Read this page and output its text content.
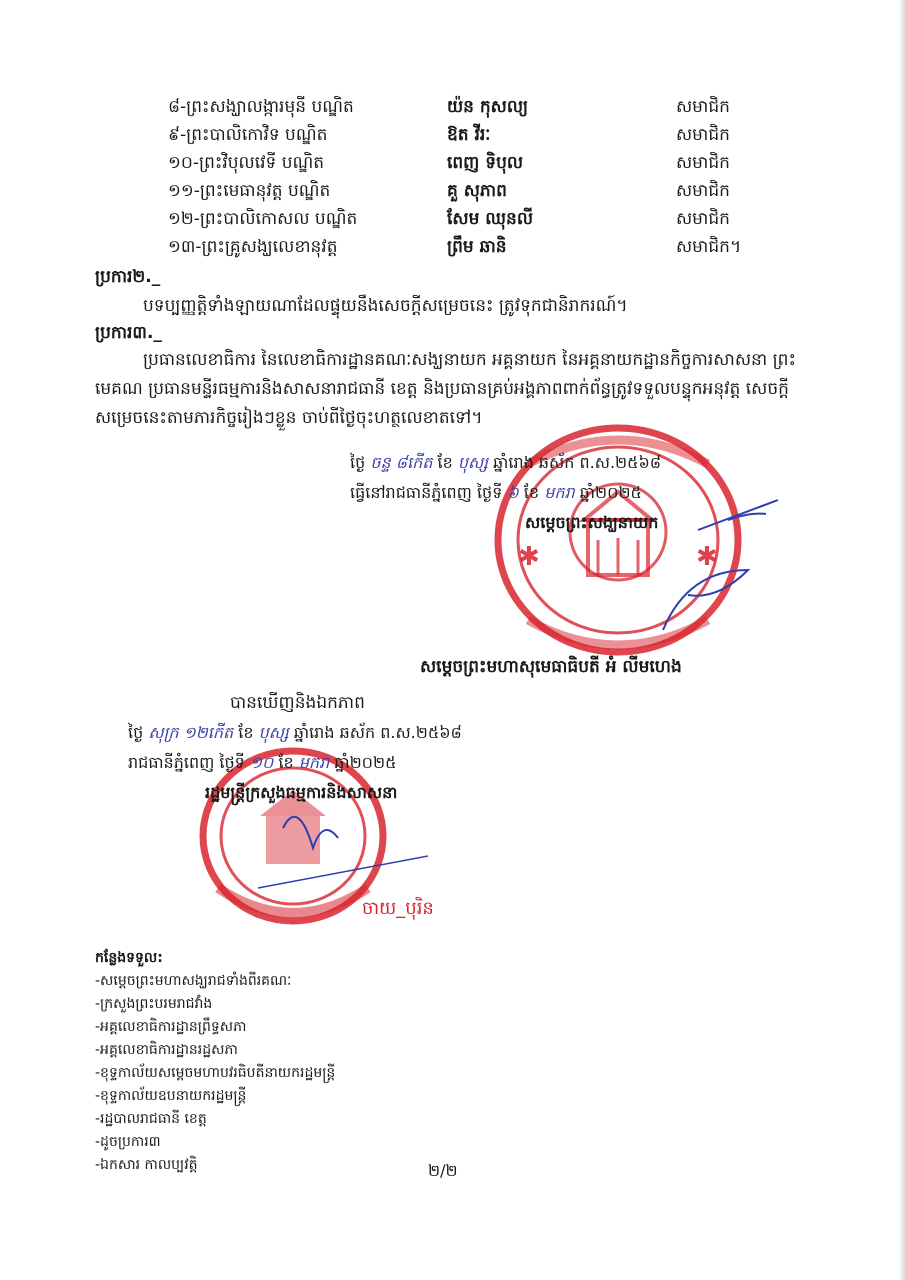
៨-ព្រះសង្ឃាលង្ការមុនី បណ្ឌិត	យ៉ន កុសល្យ	សមាជិក
៩-ព្រះបាលិកោវិទ បណ្ឌិត	ឱត វីរៈ	សមាជិក
១០-ព្រះវិបុលវេទី បណ្ឌិត	ពេញ ទិបុល	សមាជិក
១១-ព្រះមេធានុវត្ត បណ្ឌិត	គួ សុភាព	សមាជិក
១២-ព្រះបាលិកោសល បណ្ឌិត	សែម ឈុនលី	សមាជិក
១៣-ព្រះគ្រូសង្ឃលេខានុវត្ត	ព្រឹម ឆានិ	សមាជិក។
ប្រការ២._
បទប្បញ្ញត្តិទាំងឡាយណាដែលផ្ទុយនឹងសេចក្តីសម្រេចនេះ ត្រូវទុកជានិរាករណ៍។
ប្រការ៣._
ប្រធានលេខាធិការ នៃលេខាធិការដ្ឋានគណៈសង្ឃនាយក អគ្គនាយក នៃអគ្គនាយកដ្ឋានកិច្ចការសាសនា ព្រះមេគណ ប្រធានមន្ទីរធម្មការនិងសាសនារាជធានី ខេត្ត និងប្រធានគ្រប់អង្គភាពពាក់ព័ន្ធត្រូវទទួលបន្ទុកអនុវត្ត សេចក្តីសម្រេចនេះតាមភារកិច្ចរៀងៗខ្លួន ចាប់ពីថ្ងៃចុះហត្ថលេខាតទៅ។
✱	✱
ថ្ងៃ ចន្ទ ៨កើត ខែ បុស្ស ឆ្នាំរោង ឆស័ក ព.ស.២៥៦៨
ធ្វើនៅរាជធានីភ្នំពេញ ថ្ងៃទី ៦ ខែ មករា ឆ្នាំ២០២៥
សម្តេចព្រះសង្ឃនាយក
សម្តេចព្រះមហាសុមេធាធិបតី អំ លីមហេង
បានឃើញនិងឯកភាព
ថ្ងៃ សុក្រ ១២កើត ខែ បុស្ស ឆ្នាំរោង ឆស័ក ព.ស.២៥៦៨
រាជធានីភ្នំពេញ ថ្ងៃទី ១០ ខែ មករា ឆ្នាំ២០២៥
រដ្ឋមន្ត្រីក្រសួងធម្មការនិងសាសនា
ចាយ_បុរិន
កន្លែងទទួល:
-សម្តេចព្រះមហាសង្ឃរាជទាំងពីរគណៈ
-ក្រសួងព្រះបរមរាជវាំង
-អគ្គលេខាធិការដ្ឋានព្រឹទ្ធសភា
-អគ្គលេខាធិការដ្ឋានរដ្ឋសភា
-ខុទ្ទកាល័យសម្តេចមហាបវរធិបតីនាយករដ្ឋមន្ត្រី
-ខុទ្ទកាល័យឧបនាយករដ្ឋមន្ត្រី
-រដ្ឋបាលរាជធានី ខេត្ត
-ដូចប្រការ៣
-ឯកសារ កាលប្បវត្តិ	២/២
